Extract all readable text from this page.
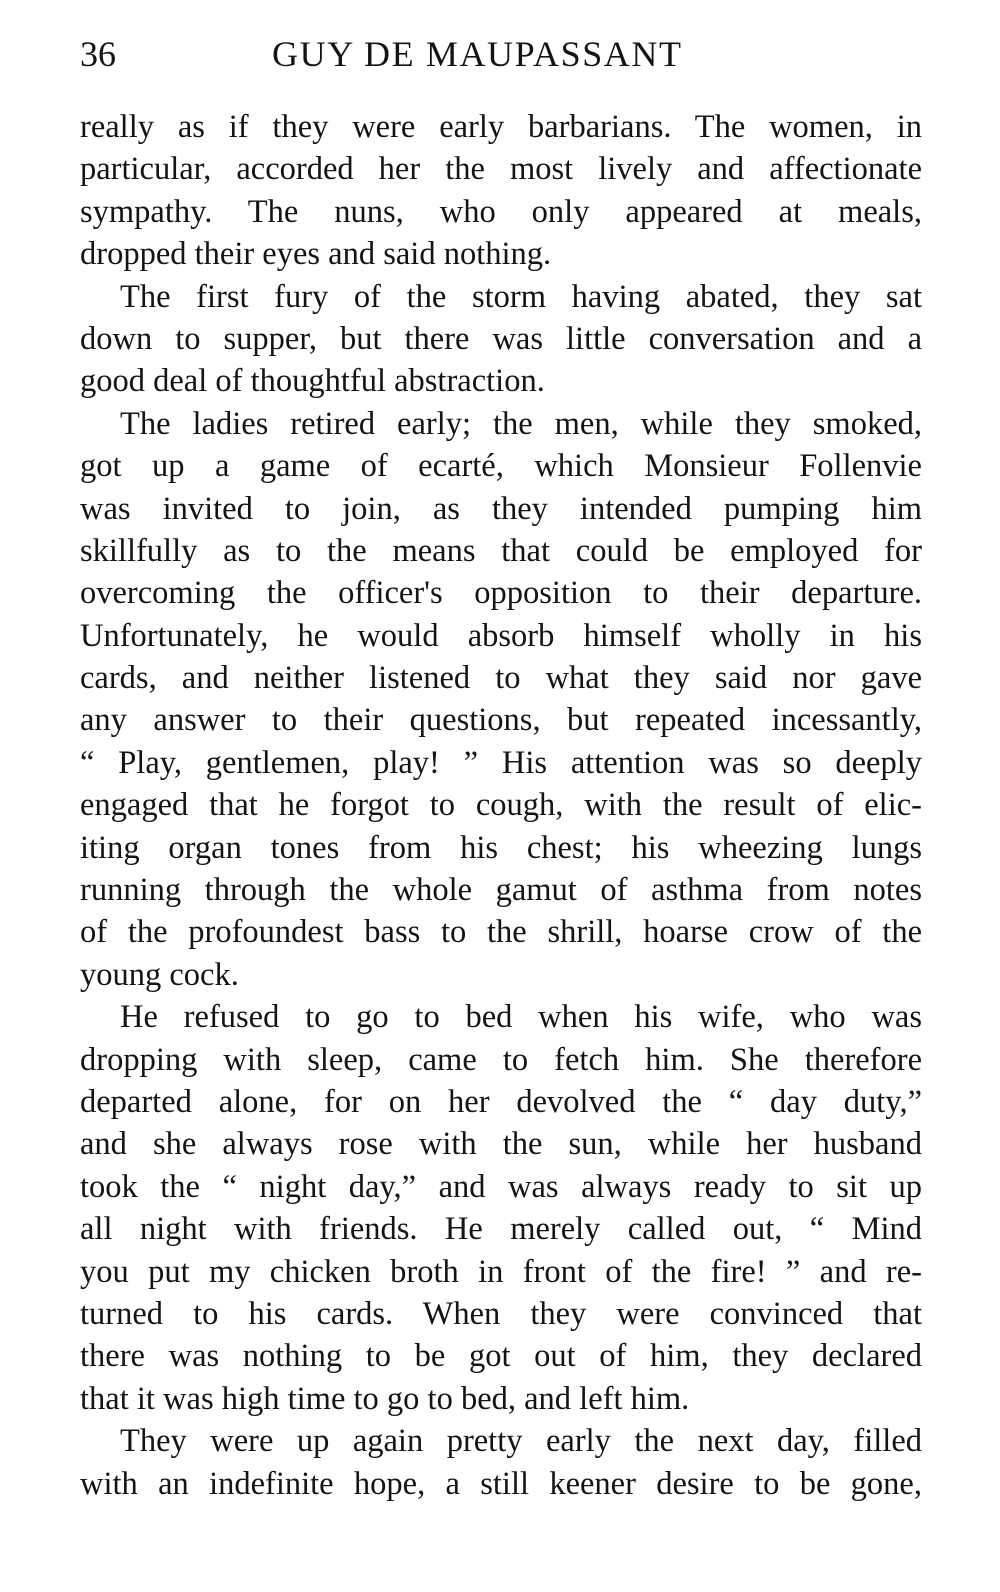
36	GUY DE MAUPASSANT
really as if they were early barbarians. The women, in
particular, accorded her the most lively and affectionate
sympathy. The nuns, who only appeared at meals,
dropped their eyes and said nothing.
The first fury of the storm having abated, they sat
down to supper, but there was little conversation and a
good deal of thoughtful abstraction.
The ladies retired early; the men, while they smoked,
got up a game of ecarté, which Monsieur Follenvie
was invited to join, as they intended pumping him
skillfully as to the means that could be employed for
overcoming the officer's opposition to their departure.
Unfortunately, he would absorb himself wholly in his
cards, and neither listened to what they said nor gave
any answer to their questions, but repeated incessantly,
“ Play, gentlemen, play! ” His attention was so deeply
engaged that he forgot to cough, with the result of elic-
iting organ tones from his chest; his wheezing lungs
running through the whole gamut of asthma from notes
of the profoundest bass to the shrill, hoarse crow of the
young cock.
He refused to go to bed when his wife, who was
dropping with sleep, came to fetch him. She therefore
departed alone, for on her devolved the “ day duty,”
and she always rose with the sun, while her husband
took the “ night day,” and was always ready to sit up
all night with friends. He merely called out, “ Mind
you put my chicken broth in front of the fire! ” and re-
turned to his cards. When they were convinced that
there was nothing to be got out of him, they declared
that it was high time to go to bed, and left him.
They were up again pretty early the next day, filled
with an indefinite hope, a still keener desire to be gone,
